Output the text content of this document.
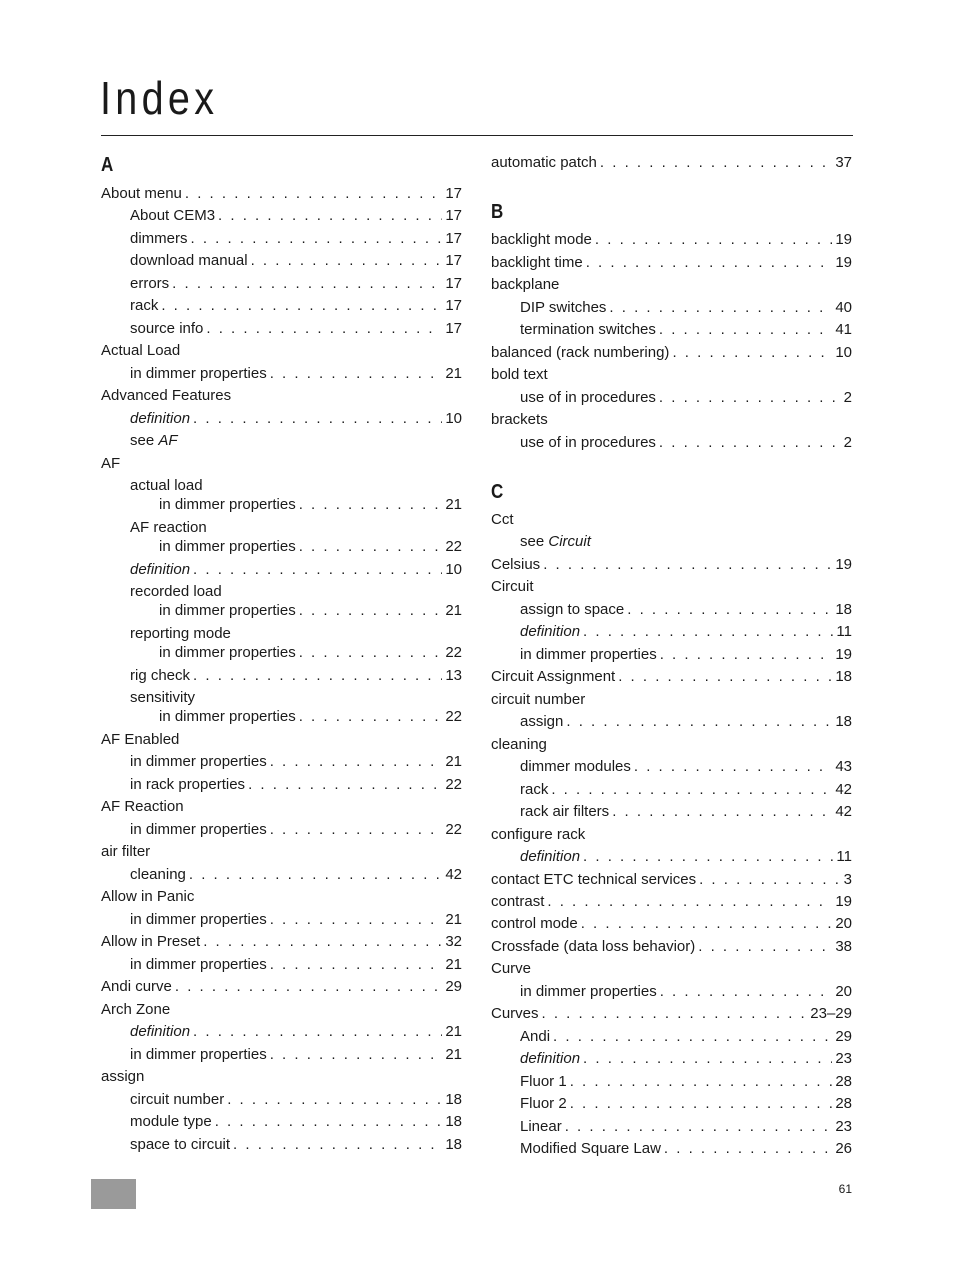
Index
A
About menu . . .	17
About CEM3 . . .	17
dimmers . . .	17
download manual . . .	17
errors . . .	17
rack . . .	17
source info . . .	17
Actual Load
in dimmer properties . . .	21
Advanced Features
definition . . .	10
see AF
AF
actual load
in dimmer properties . . .	21
AF reaction
in dimmer properties . . .	22
definition . . .	10
recorded load
in dimmer properties . . .	21
reporting mode
in dimmer properties . . .	22
rig check . . .	13
sensitivity
in dimmer properties . . .	22
AF Enabled
in dimmer properties . . .	21
in rack properties . . .	22
AF Reaction
in dimmer properties . . .	22
air filter
cleaning . . .	42
Allow in Panic
in dimmer properties . . .	21
Allow in Preset . . .	32
in dimmer properties . . .	21
Andi curve . . .	29
Arch Zone
definition . . .	21
in dimmer properties . . .	21
assign
circuit number . . .	18
module type . . .	18
space to circuit . . .	18
automatic patch . . .	37
B
backlight mode . . .	19
backlight time . . .	19
backplane
DIP switches . . .	40
termination switches . . .	41
balanced (rack numbering) . . .	10
bold text
use of in procedures . . .	2
brackets
use of in procedures . . .	2
C
Cct
see Circuit
Celsius . . .	19
Circuit
assign to space . . .	18
definition . . .	11
in dimmer properties . . .	19
Circuit Assignment . . .	18
circuit number
assign . . .	18
cleaning
dimmer modules . . .	43
rack . . .	42
rack air filters . . .	42
configure rack
definition . . .	11
contact ETC technical services . . .	3
contrast . . .	19
control mode . . .	20
Crossfade (data loss behavior) . . .	38
Curve
in dimmer properties . . .	20
Curves . . .	23–29
Andi . . .	29
definition . . .	23
Fluor 1 . . .	28
Fluor 2 . . .	28
Linear . . .	23
Modified Square Law . . .	26
61
